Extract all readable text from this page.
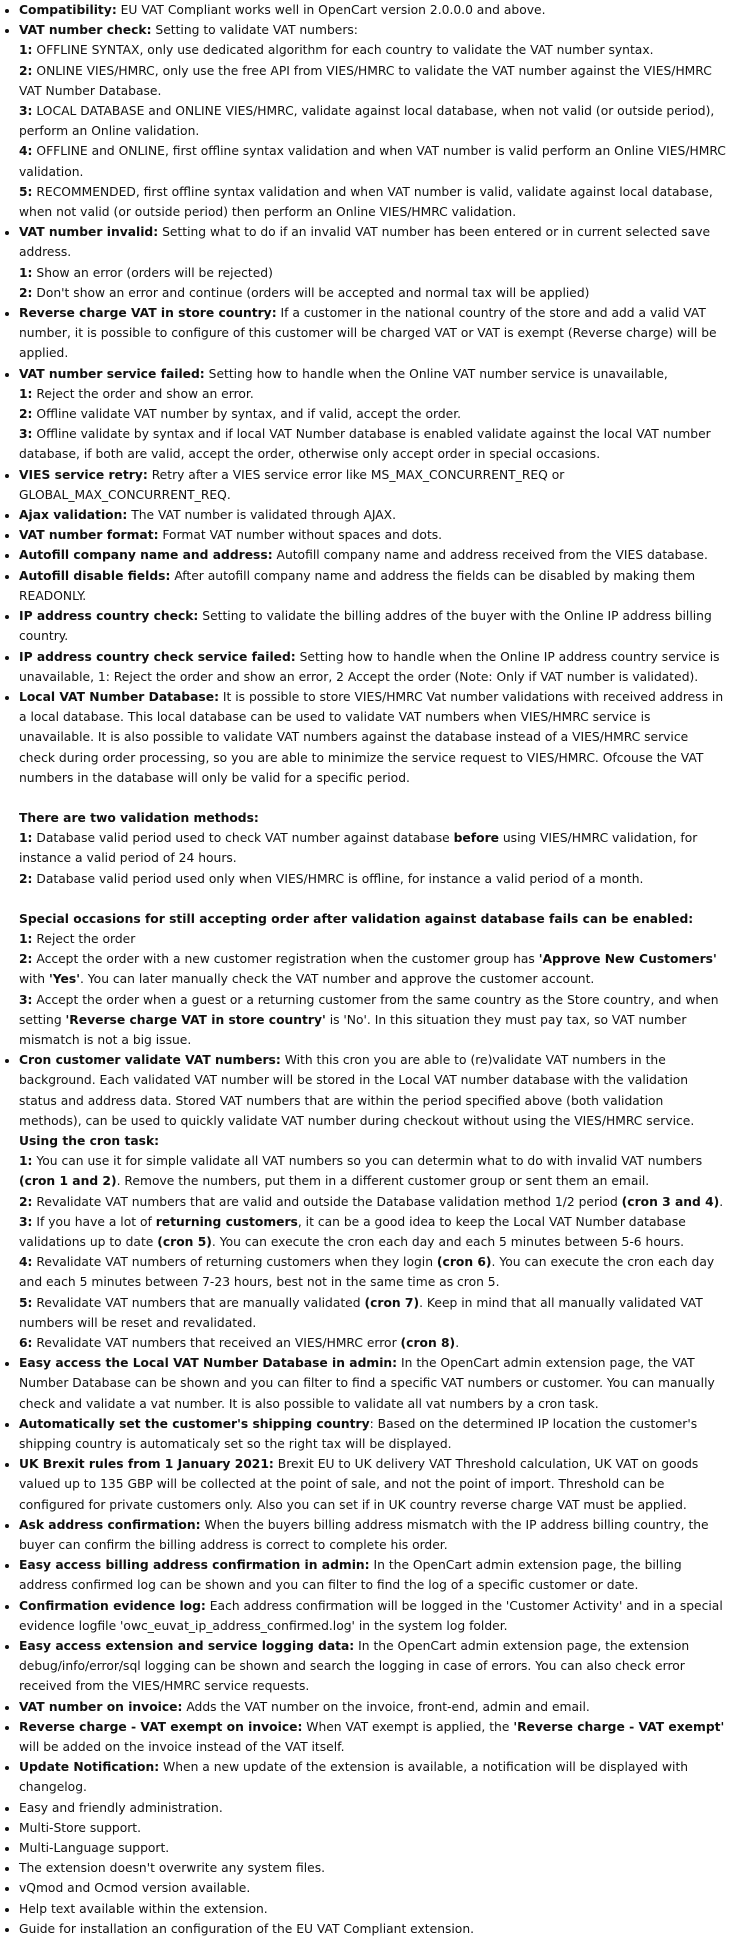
• Compatibility: EU VAT Compliant works well in OpenCart version 2.0.0.0 and above.
• VAT number check: Setting to validate VAT numbers:
1: OFFLINE SYNTAX, only use dedicated algorithm for each country to validate the VAT number syntax.
2: ONLINE VIES/HMRC, only use the free API from VIES/HMRC to validate the VAT number against the VIES/HMRC VAT Number Database.
3: LOCAL DATABASE and ONLINE VIES/HMRC, validate against local database, when not valid (or outside period), perform an Online validation.
4: OFFLINE and ONLINE, first offline syntax validation and when VAT number is valid perform an Online VIES/HMRC validation.
5: RECOMMENDED, first offline syntax validation and when VAT number is valid, validate against local database, when not valid (or outside period) then perform an Online VIES/HMRC validation.
• VAT number invalid: Setting what to do if an invalid VAT number has been entered or in current selected save address.
1: Show an error (orders will be rejected)
2: Don't show an error and continue (orders will be accepted and normal tax will be applied)
• Reverse charge VAT in store country: If a customer in the national country of the store and add a valid VAT number, it is possible to configure of this customer will be charged VAT or VAT is exempt (Reverse charge) will be applied.
• VAT number service failed: Setting how to handle when the Online VAT number service is unavailable,
1: Reject the order and show an error.
2: Offline validate VAT number by syntax, and if valid, accept the order.
3: Offline validate by syntax and if local VAT Number database is enabled validate against the local VAT number database, if both are valid, accept the order, otherwise only accept order in special occasions.
• VIES service retry: Retry after a VIES service error like MS_MAX_CONCURRENT_REQ or GLOBAL_MAX_CONCURRENT_REQ.
• Ajax validation: The VAT number is validated through AJAX.
• VAT number format: Format VAT number without spaces and dots.
• Autofill company name and address: Autofill company name and address received from the VIES database.
• Autofill disable fields: After autofill company name and address the fields can be disabled by making them READONLY.
• IP address country check: Setting to validate the billing addres of the buyer with the Online IP address billing country.
• IP address country check service failed: Setting how to handle when the Online IP address country service is unavailable, 1: Reject the order and show an error, 2 Accept the order (Note: Only if VAT number is validated).
• Local VAT Number Database: It is possible to store VIES/HMRC Vat number validations with received address in a local database. This local database can be used to validate VAT numbers when VIES/HMRC service is unavailable. It is also possible to validate VAT numbers against the database instead of a VIES/HMRC service check during order processing, so you are able to minimize the service request to VIES/HMRC. Ofcouse the VAT numbers in the database will only be valid for a specific period.
There are two validation methods:
1: Database valid period used to check VAT number against database before using VIES/HMRC validation, for instance a valid period of 24 hours.
2: Database valid period used only when VIES/HMRC is offline, for instance a valid period of a month.
Special occasions for still accepting order after validation against database fails can be enabled:
1: Reject the order
2: Accept the order with a new customer registration when the customer group has 'Approve New Customers' with 'Yes'. You can later manually check the VAT number and approve the customer account.
3: Accept the order when a guest or a returning customer from the same country as the Store country, and when setting 'Reverse charge VAT in store country' is 'No'. In this situation they must pay tax, so VAT number mismatch is not a big issue.
• Cron customer validate VAT numbers: With this cron you are able to (re)validate VAT numbers in the background. Each validated VAT number will be stored in the Local VAT number database with the validation status and address data. Stored VAT numbers that are within the period specified above (both validation methods), can be used to quickly validate VAT number during checkout without using the VIES/HMRC service.
Using the cron task:
1: You can use it for simple validate all VAT numbers so you can determin what to do with invalid VAT numbers (cron 1 and 2). Remove the numbers, put them in a different customer group or sent them an email.
2: Revalidate VAT numbers that are valid and outside the Database validation method 1/2 period (cron 3 and 4).
3: If you have a lot of returning customers, it can be a good idea to keep the Local VAT Number database validations up to date (cron 5). You can execute the cron each day and each 5 minutes between 5-6 hours.
4: Revalidate VAT numbers of returning customers when they login (cron 6). You can execute the cron each day and each 5 minutes between 7-23 hours, best not in the same time as cron 5.
5: Revalidate VAT numbers that are manually validated (cron 7). Keep in mind that all manually validated VAT numbers will be reset and revalidated.
6: Revalidate VAT numbers that received an VIES/HMRC error (cron 8).
• Easy access the Local VAT Number Database in admin: In the OpenCart admin extension page, the VAT Number Database can be shown and you can filter to find a specific VAT numbers or customer. You can manually check and validate a vat number. It is also possible to validate all vat numbers by a cron task.
• Automatically set the customer's shipping country: Based on the determined IP location the customer's shipping country is automaticaly set so the right tax will be displayed.
• UK Brexit rules from 1 January 2021: Brexit EU to UK delivery VAT Threshold calculation, UK VAT on goods valued up to 135 GBP will be collected at the point of sale, and not the point of import. Threshold can be configured for private customers only. Also you can set if in UK country reverse charge VAT must be applied.
• Ask address confirmation: When the buyers billing address mismatch with the IP address billing country, the buyer can confirm the billing address is correct to complete his order.
• Easy access billing address confirmation in admin: In the OpenCart admin extension page, the billing address confirmed log can be shown and you can filter to find the log of a specific customer or date.
• Confirmation evidence log: Each address confirmation will be logged in the 'Customer Activity' and in a special evidence logfile 'owc_euvat_ip_address_confirmed.log' in the system log folder.
• Easy access extension and service logging data: In the OpenCart admin extension page, the extension debug/info/error/sql logging can be shown and search the logging in case of errors. You can also check error received from the VIES/HMRC service requests.
• VAT number on invoice: Adds the VAT number on the invoice, front-end, admin and email.
• Reverse charge - VAT exempt on invoice: When VAT exempt is applied, the 'Reverse charge - VAT exempt' will be added on the invoice instead of the VAT itself.
• Update Notification: When a new update of the extension is available, a notification will be displayed with changelog.
• Easy and friendly administration.
• Multi-Store support.
• Multi-Language support.
• The extension doesn't overwrite any system files.
• vQmod and Ocmod version available.
• Help text available within the extension.
• Guide for installation an configuration of the EU VAT Compliant extension.
